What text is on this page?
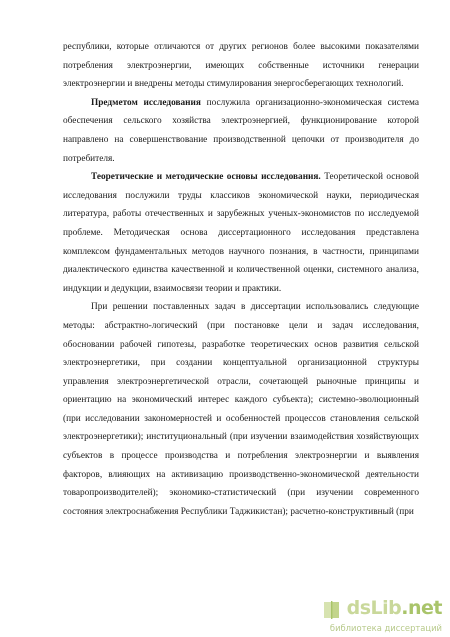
республики, которые отличаются от других регионов более высокими показателями потребления электроэнергии, имеющих собственные источники генерации электроэнергии и внедрены методы стимулирования энергосберегающих технологий.

Предметом исследования послужила организационно-экономическая система обеспечения сельского хозяйства электроэнергией, функционирование которой направлено на совершенствование производственной цепочки от производителя до потребителя.

Теоретические и методические основы исследования. Теоретической основой исследования послужили труды классиков экономической науки, периодическая литература, работы отечественных и зарубежных ученых-экономистов по исследуемой проблеме. Методическая основа диссертационного исследования представлена комплексом фундаментальных методов научного познания, в частности, принципами диалектического единства качественной и количественной оценки, системного анализа, индукции и дедукции, взаимосвязи теории и практики.

При решении поставленных задач в диссертации использовались следующие методы: абстрактно-логический (при постановке цели и задач исследования, обосновании рабочей гипотезы, разработке теоретических основ развития сельской электроэнергетики, при создании концептуальной организационной структуры управления электроэнергетической отрасли, сочетающей рыночные принципы и ориентацию на экономический интерес каждого субъекта); системно-эволюционный (при исследовании закономерностей и особенностей процессов становления сельской электроэнергетики); институциональный (при изучении взаимодействия хозяйствующих субъектов в процессе производства и потребления электроэнергии и выявления факторов, влияющих на активизацию производственно-экономической деятельности товаропроизводителей); экономико-статистический (при изучении современного состояния электроснабжения Республики Таджикистан); расчетно-конструктивный (при

dsLib.net
библиотека диссертаций
